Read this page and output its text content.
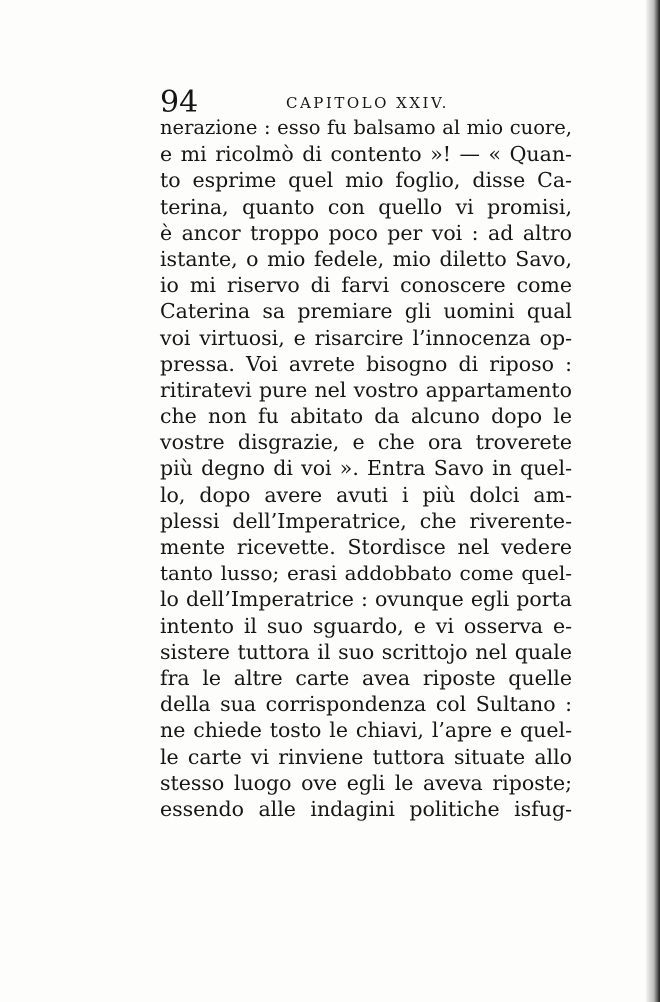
94	CAPITOLO XXIV.
nerazione : esso fu balsamo al mio cuore,
e mi ricolmò di contento »! — « Quan-
to esprime quel mio foglio, disse Ca-
terina, quanto con quello vi promisi,
è ancor troppo poco per voi : ad altro
istante, o mio fedele, mio diletto Savo,
io mi riservo di farvi conoscere come
Caterina sa premiare gli uomini qual
voi virtuosi, e risarcire l’innocenza op-
pressa. Voi avrete bisogno di riposo :
ritiratevi pure nel vostro appartamento
che non fu abitato da alcuno dopo le
vostre disgrazie, e che ora troverete
più degno di voi ». Entra Savo in quel-
lo, dopo avere avuti i più dolci am-
plessi dell’Imperatrice, che riverente-
mente ricevette. Stordisce nel vedere
tanto lusso; erasi addobbato come quel-
lo dell’Imperatrice : ovunque egli porta
intento il suo sguardo, e vi osserva e-
sistere tuttora il suo scrittojo nel quale
fra le altre carte avea riposte quelle
della sua corrispondenza col Sultano :
ne chiede tosto le chiavi, l’apre e quel-
le carte vi rinviene tuttora situate allo
stesso luogo ove egli le aveva riposte;
essendo alle indagini politiche isfug-
